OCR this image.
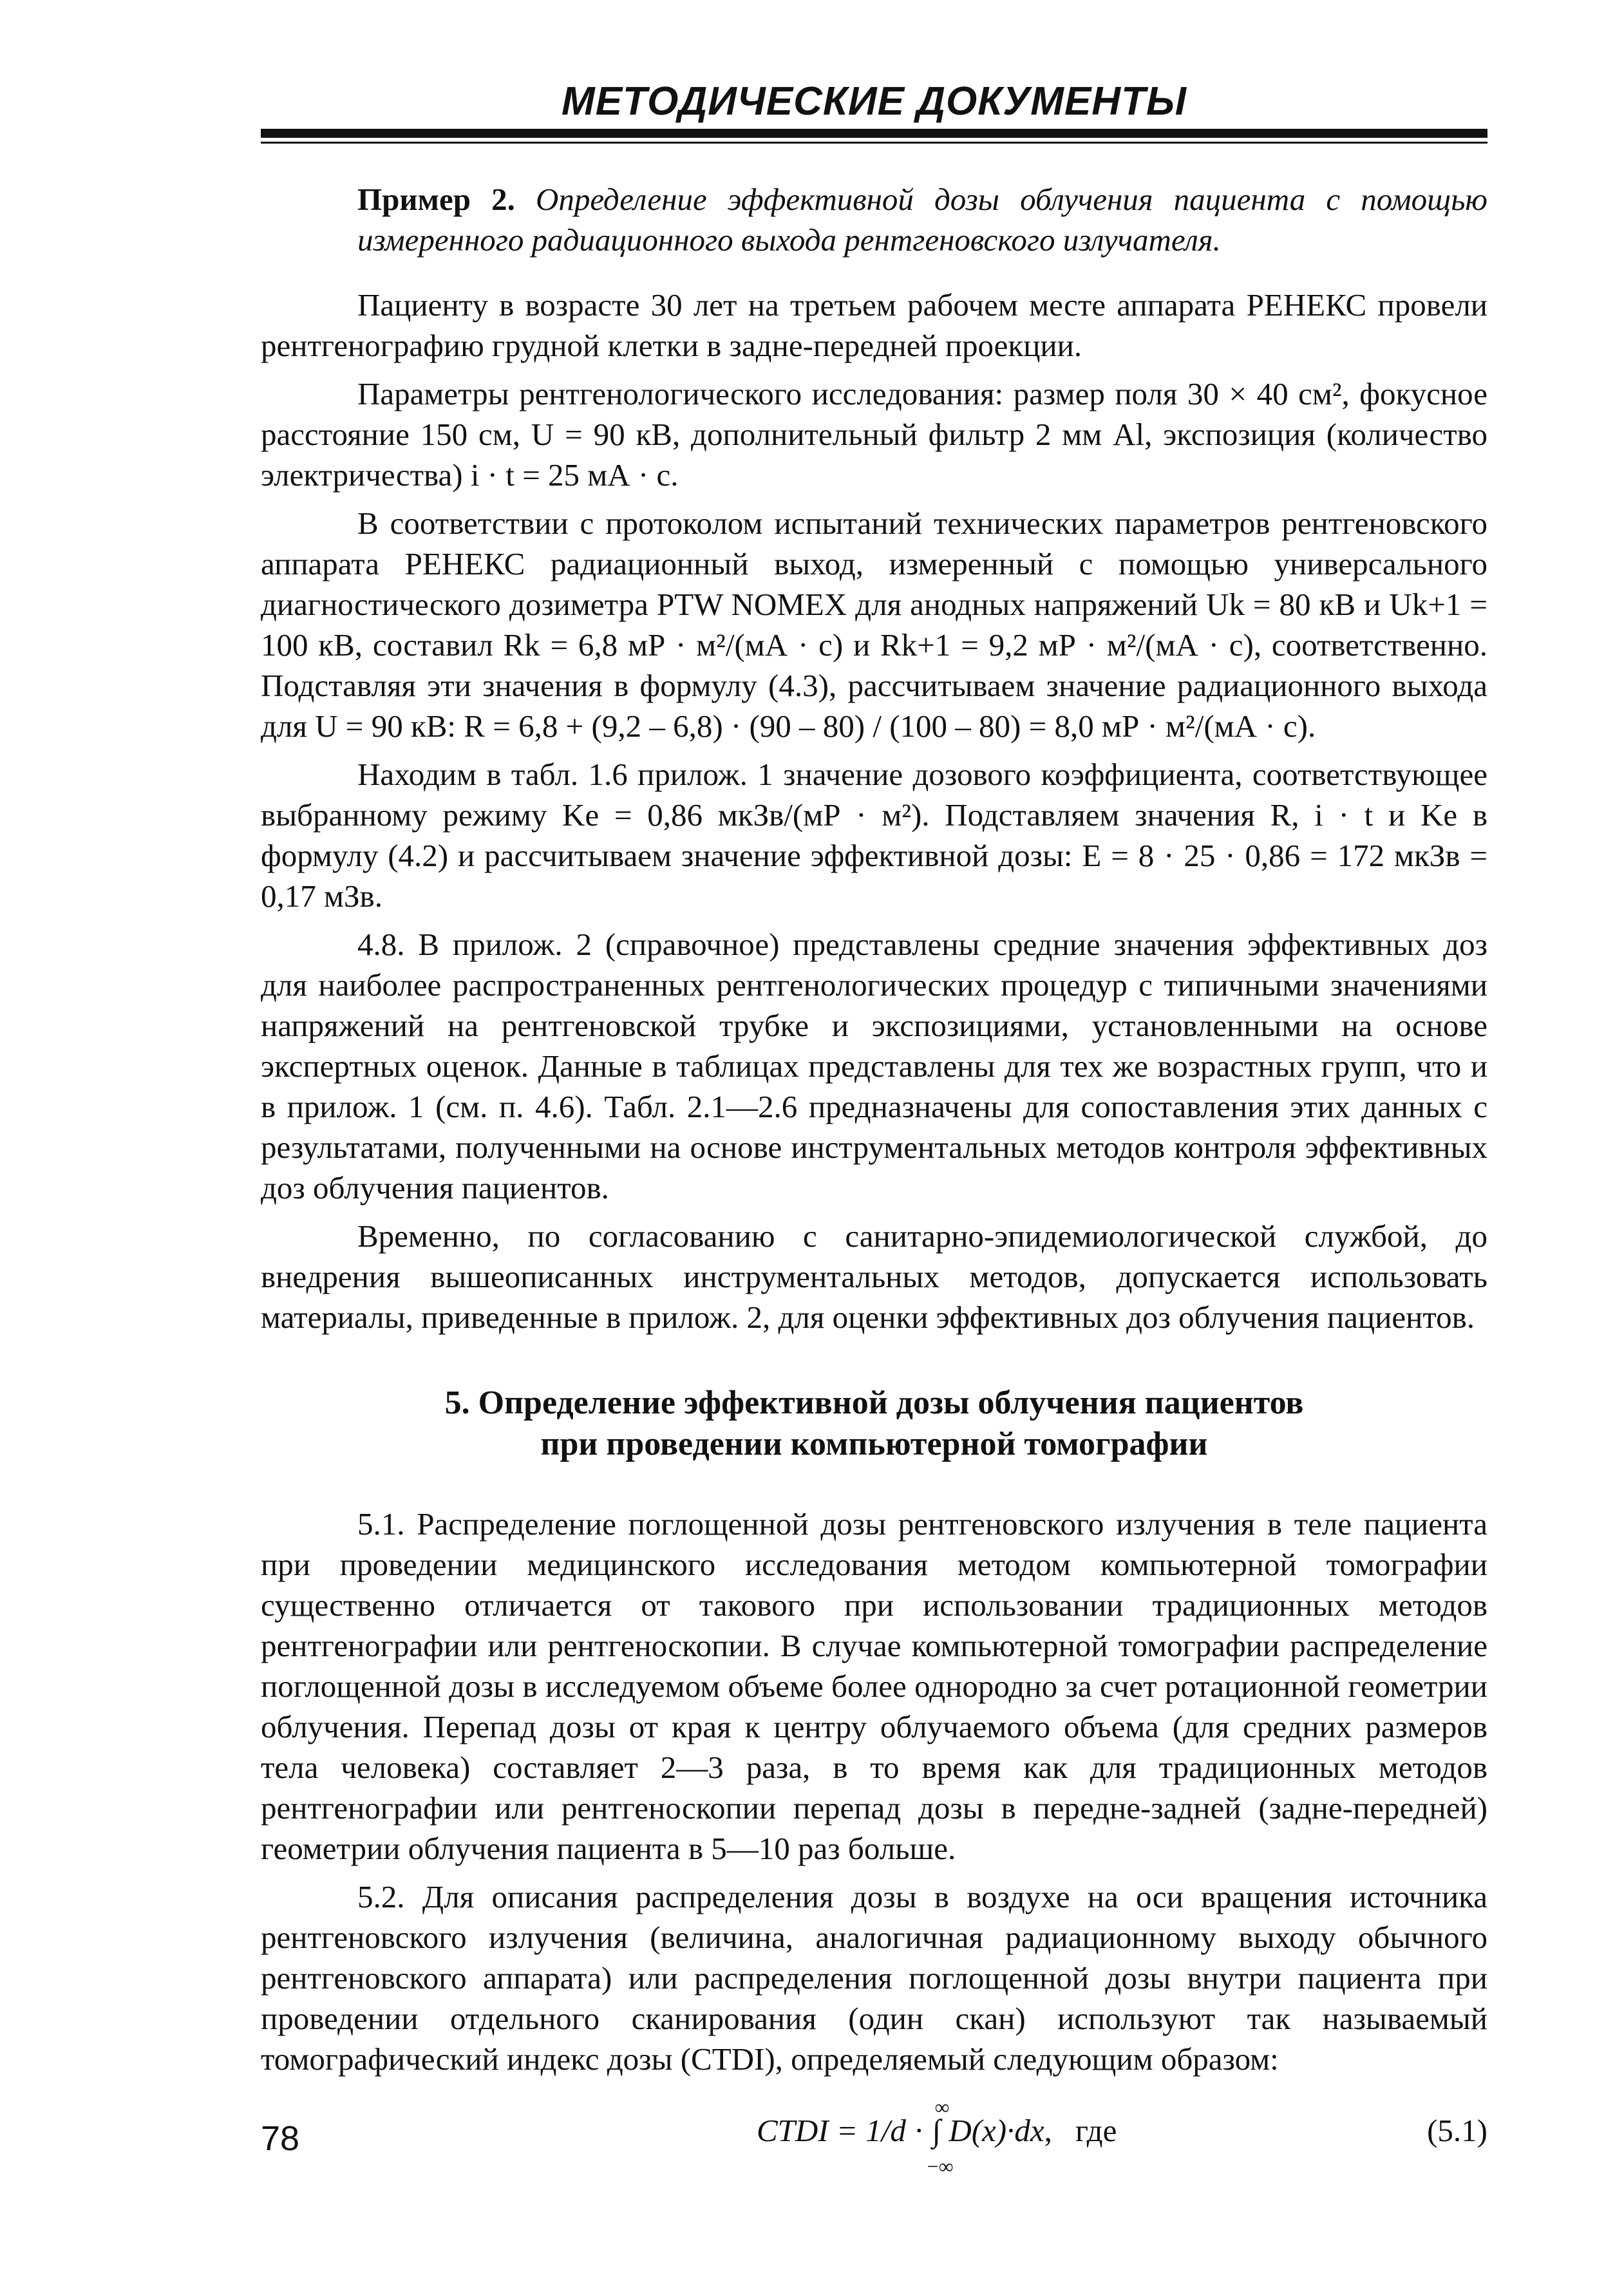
МЕТОДИЧЕСКИЕ ДОКУМЕНТЫ

Пример 2. Определение эффективной дозы облучения пациента с помощью измеренного радиационного выхода рентгеновского излучателя.

Пациенту в возрасте 30 лет на третьем рабочем месте аппарата РЕНЕКС провели рентгенографию грудной клетки в задне-передней проекции.

Параметры рентгенологического исследования: размер поля 30 × 40 см², фокусное расстояние 150 см, U = 90 кВ, дополнительный фильтр 2 мм Al, экспозиция (количество электричества) i · t = 25 мА · с.

В соответствии с протоколом испытаний технических параметров рентгеновского аппарата РЕНЕКС радиационный выход, измеренный с помощью универсального диагностического дозиметра PTW NOMEX для анодных напряжений Uk = 80 кВ и Uk+1 = 100 кВ, составил Rk = 6,8 мР · м²/(мА · с) и Rk+1 = 9,2 мР · м²/(мА · с), соответственно. Подставляя эти значения в формулу (4.3), рассчитываем значение радиационного выхода для U = 90 кВ: R = 6,8 + (9,2 – 6,8) · (90 – 80) / (100 – 80) = 8,0 мР · м²/(мА · с).

Находим в табл. 1.6 прилож. 1 значение дозового коэффициента, соответствующее выбранному режиму Ke = 0,86 мкЗв/(мР · м²). Подставляем значения R, i · t и Ke в формулу (4.2) и рассчитываем значение эффективной дозы: E = 8 · 25 · 0,86 = 172 мкЗв = 0,17 мЗв.

4.8. В прилож. 2 (справочное) представлены средние значения эффективных доз для наиболее распространенных рентгенологических процедур с типичными значениями напряжений на рентгеновской трубке и экспозициями, установленными на основе экспертных оценок. Данные в таблицах представлены для тех же возрастных групп, что и в прилож. 1 (см. п. 4.6). Табл. 2.1—2.6 предназначены для сопоставления этих данных с результатами, полученными на основе инструментальных методов контроля эффективных доз облучения пациентов.

Временно, по согласованию с санитарно-эпидемиологической службой, до внедрения вышеописанных инструментальных методов, допускается использовать материалы, приведенные в прилож. 2, для оценки эффективных доз облучения пациентов.

5. Определение эффективной дозы облучения пациентов
при проведении компьютерной томографии

5.1. Распределение поглощенной дозы рентгеновского излучения в теле пациента при проведении медицинского исследования методом компьютерной томографии существенно отличается от такового при использовании традиционных методов рентгенографии или рентгеноскопии. В случае компьютерной томографии распределение поглощенной дозы в исследуемом объеме более однородно за счет ротационной геометрии облучения. Перепад дозы от края к центру облучаемого объема (для средних размеров тела человека) составляет 2—3 раза, в то время как для традиционных методов рентгенографии или рентгеноскопии перепад дозы в передне-задней (задне-передней) геометрии облучения пациента в 5—10 раз больше.

5.2. Для описания распределения дозы в воздухе на оси вращения источника рентгеновского излучения (величина, аналогичная радиационному выходу обычного рентгеновского аппарата) или распределения поглощенной дозы внутри пациента при проведении отдельного сканирования (один скан) используют так называемый томографический индекс дозы (CTDI), определяемый следующим образом:

CTDI = 1/d ·
∞
∫
−∞
D(x)·dx, где	(5.1)
78
